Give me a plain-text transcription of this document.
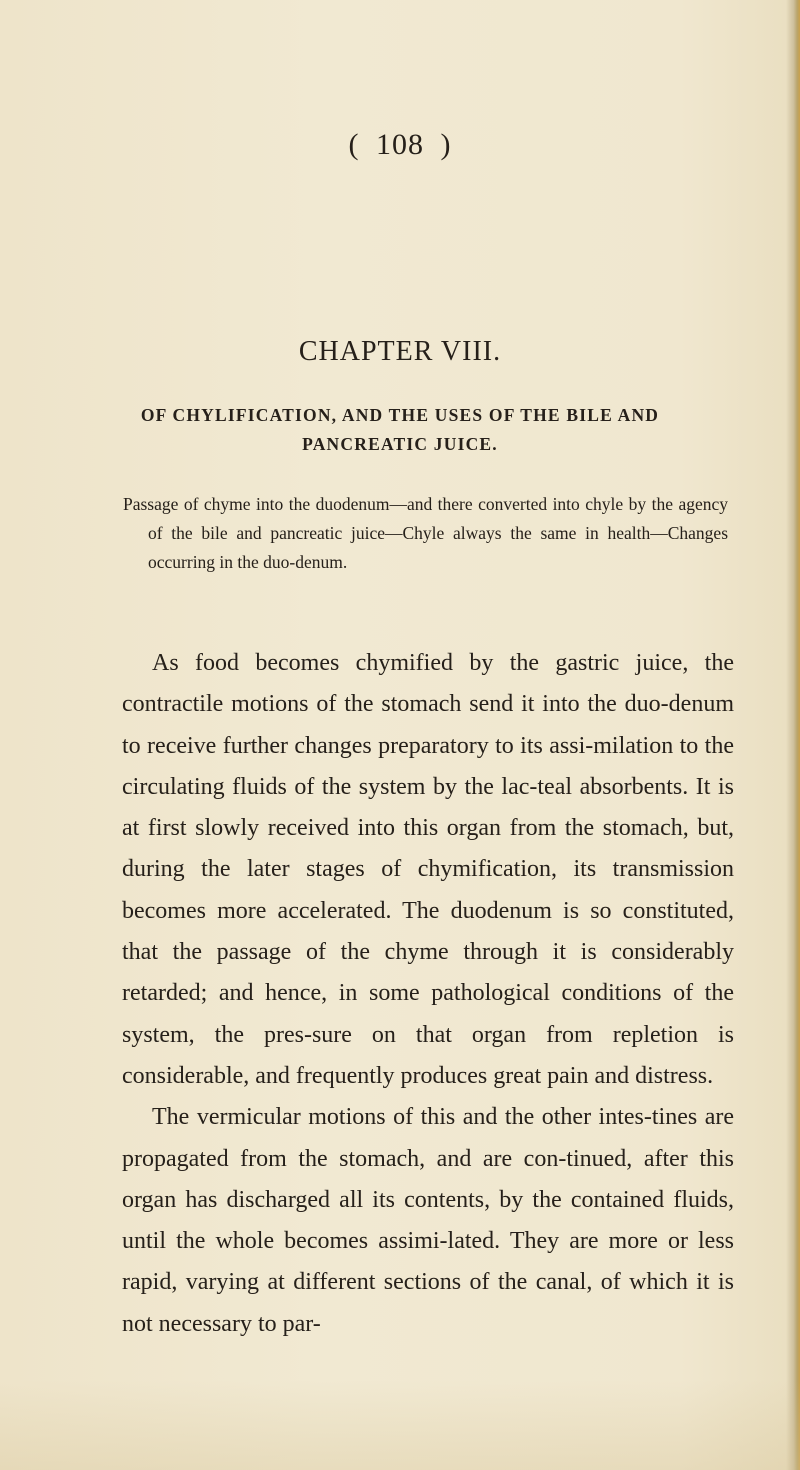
( 108 )
CHAPTER VIII.
OF CHYLIFICATION, AND THE USES OF THE BILE AND PANCREATIC JUICE.
Passage of chyme into the duodenum—and there converted into chyle by the agency of the bile and pancreatic juice—Chyle always the same in health—Changes occurring in the duo-denum.

As food becomes chymified by the gastric juice, the contractile motions of the stomach send it into the duo-denum to receive further changes preparatory to its assi-milation to the circulating fluids of the system by the lac-teal absorbents. It is at first slowly received into this organ from the stomach, but, during the later stages of chymification, its transmission becomes more accelerated. The duodenum is so constituted, that the passage of the chyme through it is considerably retarded; and hence, in some pathological conditions of the system, the pres-sure on that organ from repletion is considerable, and frequently produces great pain and distress.

The vermicular motions of this and the other intes-tines are propagated from the stomach, and are con-tinued, after this organ has discharged all its contents, by the contained fluids, until the whole becomes assimi-lated. They are more or less rapid, varying at different sections of the canal, of which it is not necessary to par-
